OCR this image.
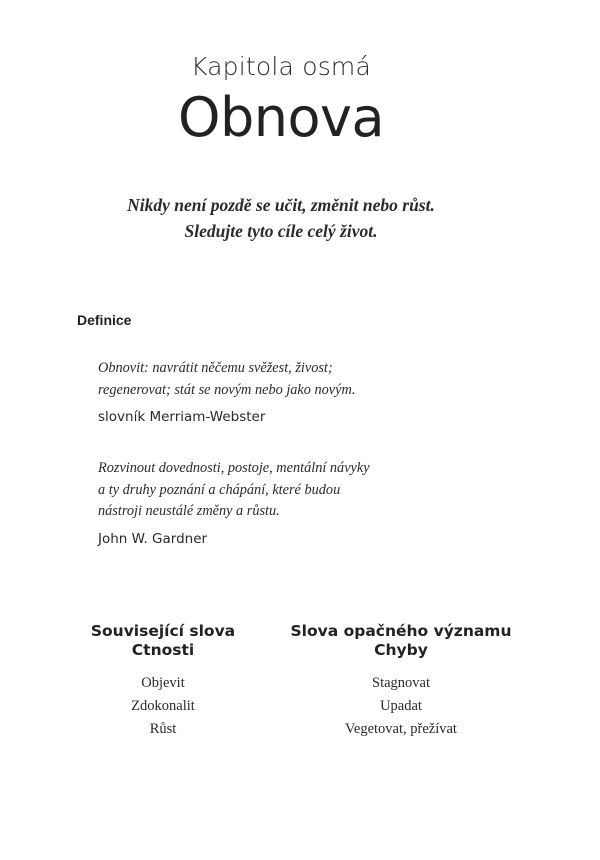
Kapitola osmá
Obnova
Nikdy není pozdě se učit, změnit nebo růst.
Sledujte tyto cíle celý život.
Definice
Obnovit: navrátit něčemu svěžest, živost;
regenerovat; stát se novým nebo jako novým.
slovník Merriam-Webster
Rozvinout dovednosti, postoje, mentální návyky
a ty druhy poznání a chápání, které budou
nástroji neustálé změny a růstu.
John W. Gardner
Související slova
Ctnosti
Objevit
Zdokonalit
Růst
Slova opačného významu
Chyby
Stagnovat
Upadat
Vegetovat, přežívat
